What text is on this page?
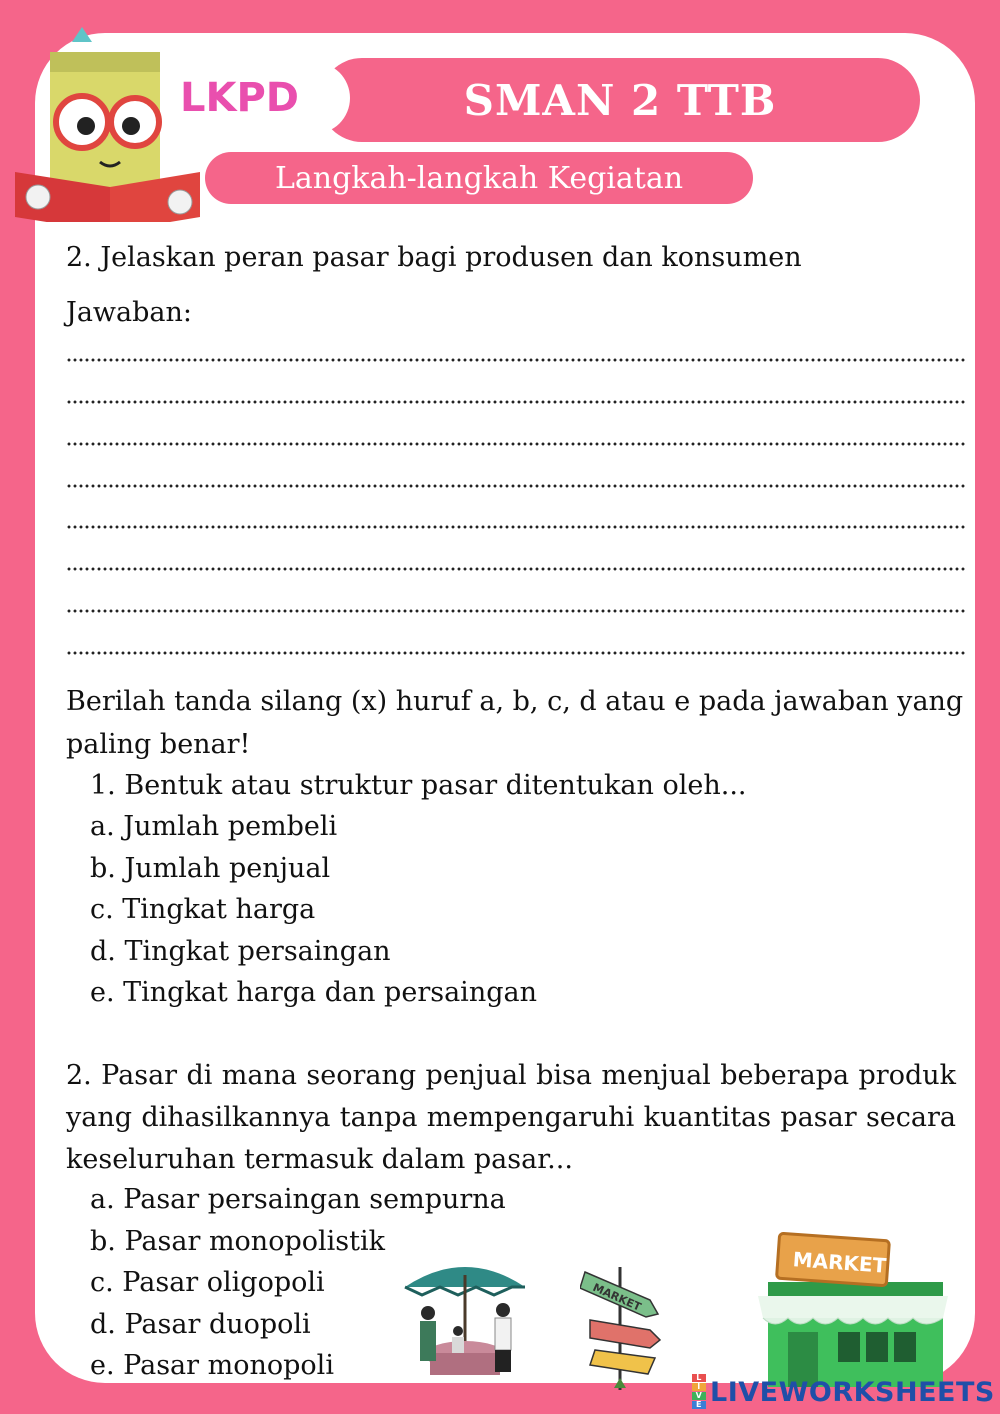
SMAN 2 TTB
LKPD
Langkah-langkah Kegiatan
2. Jelaskan peran pasar bagi produsen dan konsumen
Jawaban:
Berilah tanda silang (x) huruf a, b, c, d atau e pada jawaban yang paling benar!
1. Bentuk atau struktur pasar ditentukan oleh...
a. Jumlah pembeli
b. Jumlah penjual
c. Tingkat harga
d. Tingkat persaingan
e. Tingkat harga dan persaingan
2. Pasar di mana seorang penjual bisa menjual beberapa produk yang dihasilkannya tanpa mempengaruhi kuantitas pasar secara keseluruhan termasuk dalam pasar...
a. Pasar persaingan sempurna
b. Pasar monopolistik
c. Pasar oligopoli
d. Pasar duopoli
e. Pasar monopoli
MARKET
MARKET
L
I
V
E LIVEWORKSHEETS
